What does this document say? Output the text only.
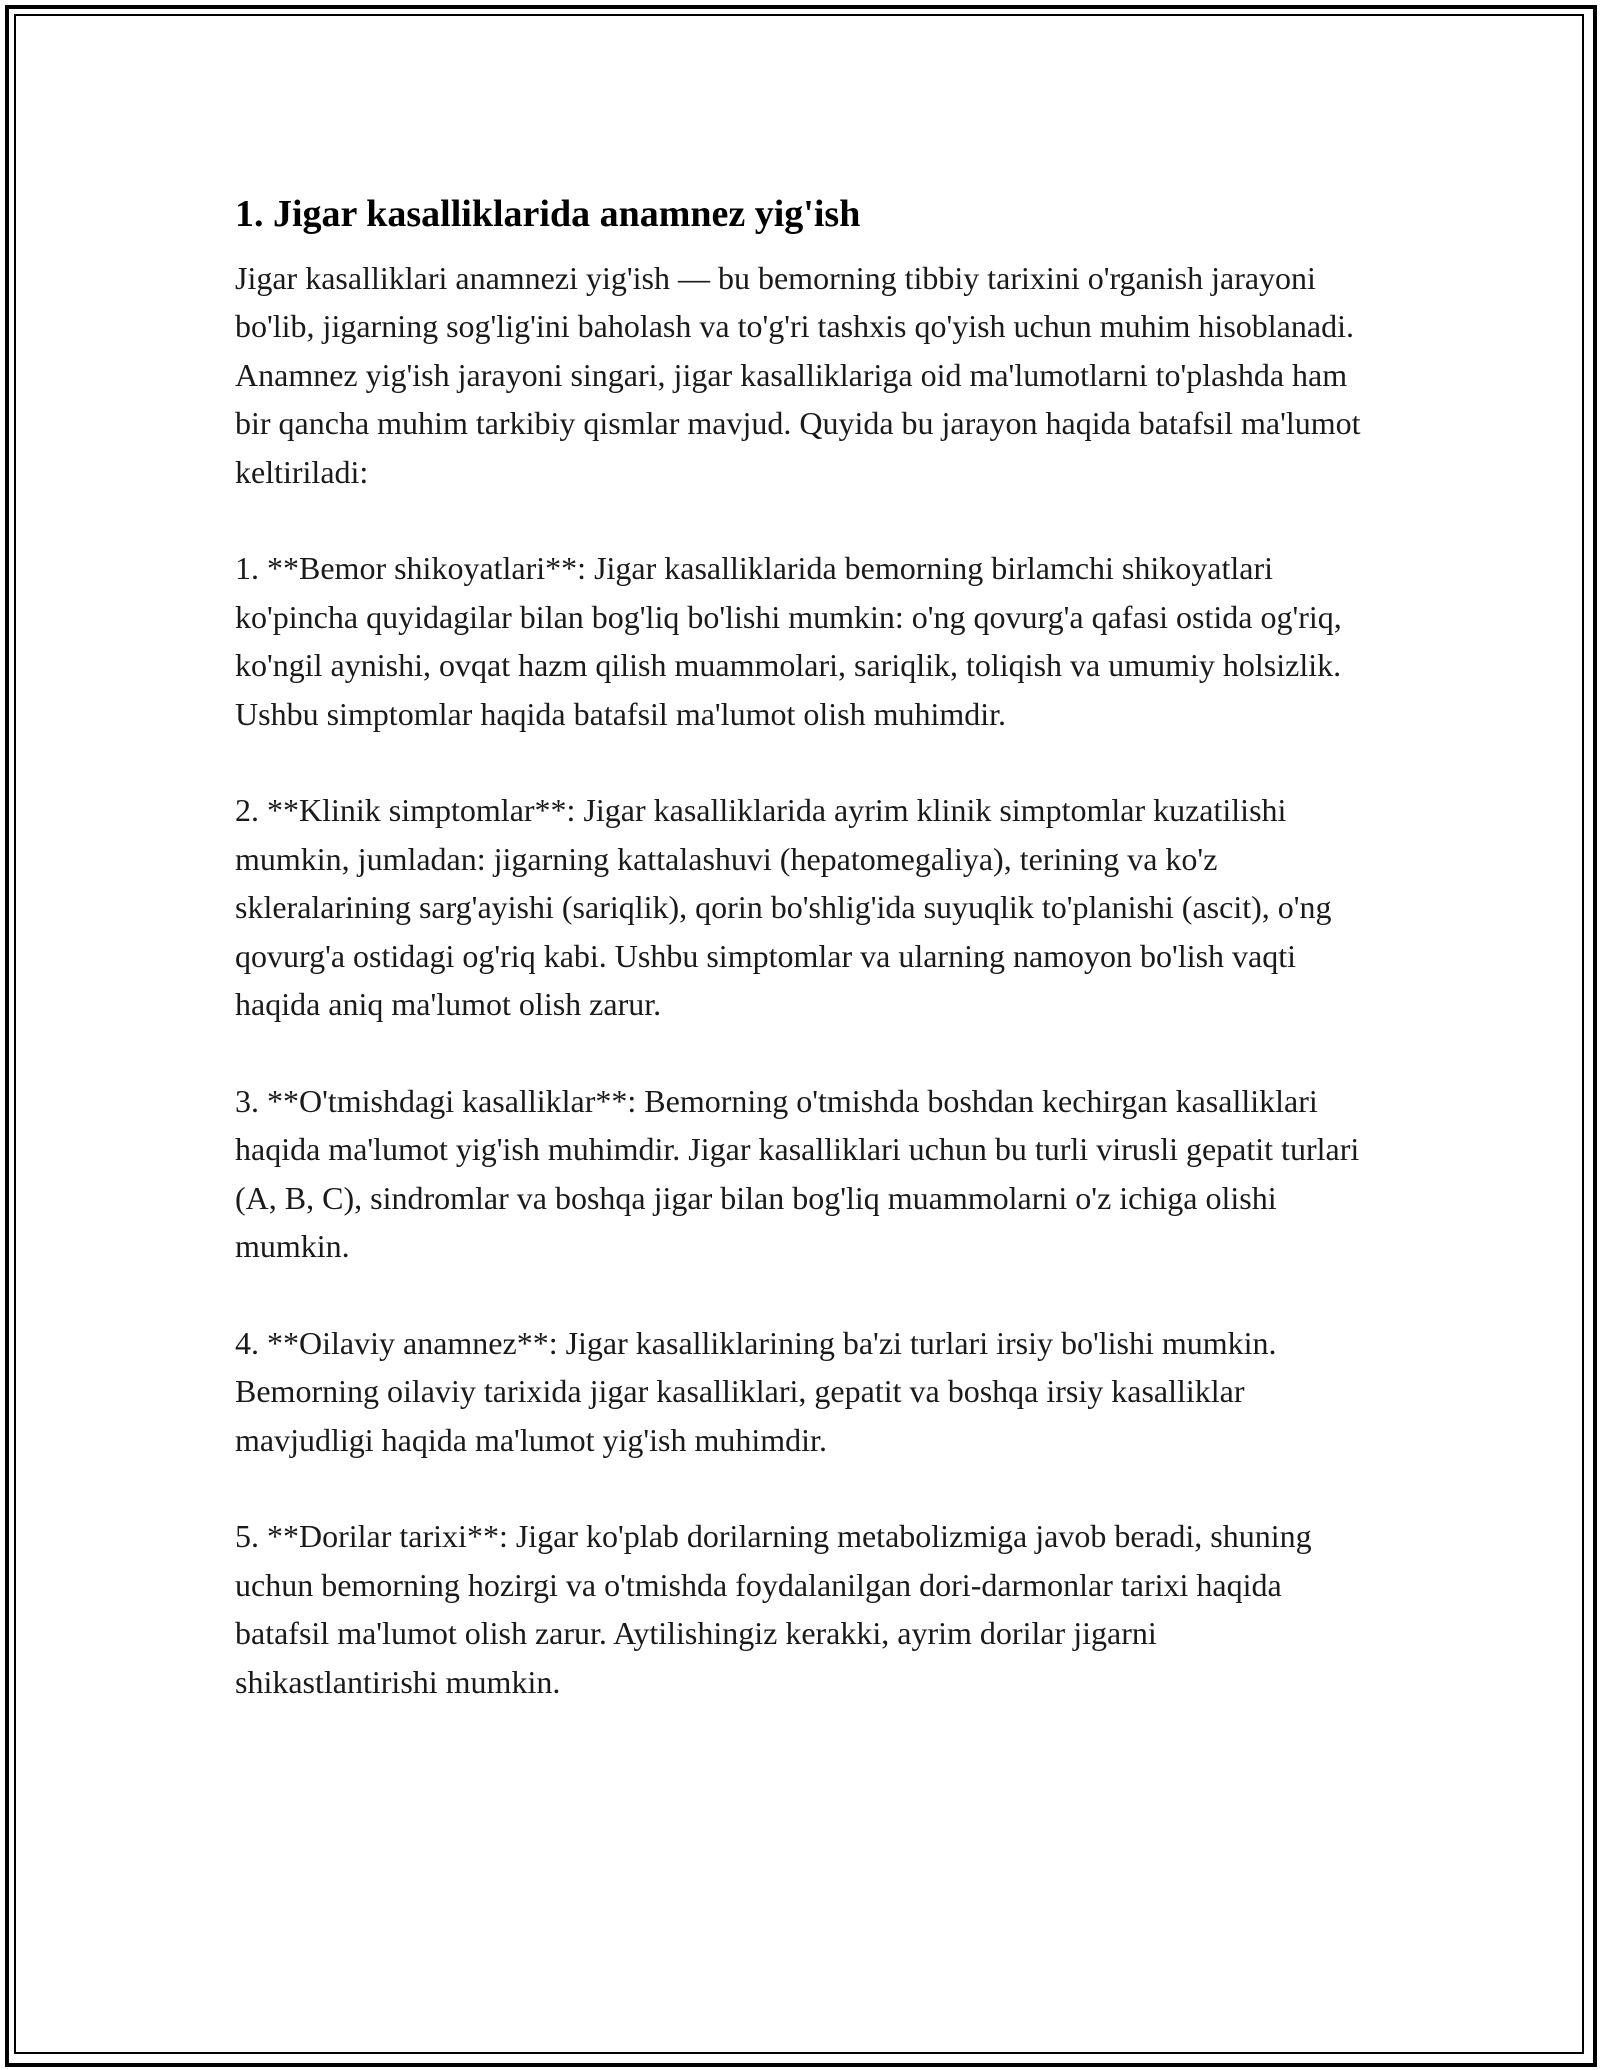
1. Jigar kasalliklarida anamnez yig'ish

Jigar kasalliklari anamnezi yig'ish — bu bemorning tibbiy tarixini o'rganish jarayoni bo'lib, jigarning sog'lig'ini baholash va to'g'ri tashxis qo'yish uchun muhim hisoblanadi. Anamnez yig'ish jarayoni singari, jigar kasalliklariga oid ma'lumotlarni to'plashda ham bir qancha muhim tarkibiy qismlar mavjud. Quyida bu jarayon haqida batafsil ma'lumot keltiriladi:

1. **Bemor shikoyatlari**: Jigar kasalliklarida bemorning birlamchi shikoyatlari ko'pincha quyidagilar bilan bog'liq bo'lishi mumkin: o'ng qovurg'a qafasi ostida og'riq, ko'ngil aynishi, ovqat hazm qilish muammolari, sariqlik, toliqish va umumiy holsizlik. Ushbu simptomlar haqida batafsil ma'lumot olish muhimdir.

2. **Klinik simptomlar**: Jigar kasalliklarida ayrim klinik simptomlar kuzatilishi mumkin, jumladan: jigarning kattalashuvi (hepatomegaliya), terining va ko'z skleralarining sarg'ayishi (sariqlik), qorin bo'shlig'ida suyuqlik to'planishi (ascit), o'ng qovurg'a ostidagi og'riq kabi. Ushbu simptomlar va ularning namoyon bo'lish vaqti haqida aniq ma'lumot olish zarur.

3. **O'tmishdagi kasalliklar**: Bemorning o'tmishda boshdan kechirgan kasalliklari haqida ma'lumot yig'ish muhimdir. Jigar kasalliklari uchun bu turli virusli gepatit turlari (A, B, C), sindromlar va boshqa jigar bilan bog'liq muammolarni o'z ichiga olishi mumkin.

4. **Oilaviy anamnez**: Jigar kasalliklarining ba'zi turlari irsiy bo'lishi mumkin. Bemorning oilaviy tarixida jigar kasalliklari, gepatit va boshqa irsiy kasalliklar mavjudligi haqida ma'lumot yig'ish muhimdir.

5. **Dorilar tarixi**: Jigar ko'plab dorilarning metabolizmiga javob beradi, shuning uchun bemorning hozirgi va o'tmishda foydalanilgan dori-darmonlar tarixi haqida batafsil ma'lumot olish zarur. Aytilishingiz kerakki, ayrim dorilar jigarni shikastlantirishi mumkin.
